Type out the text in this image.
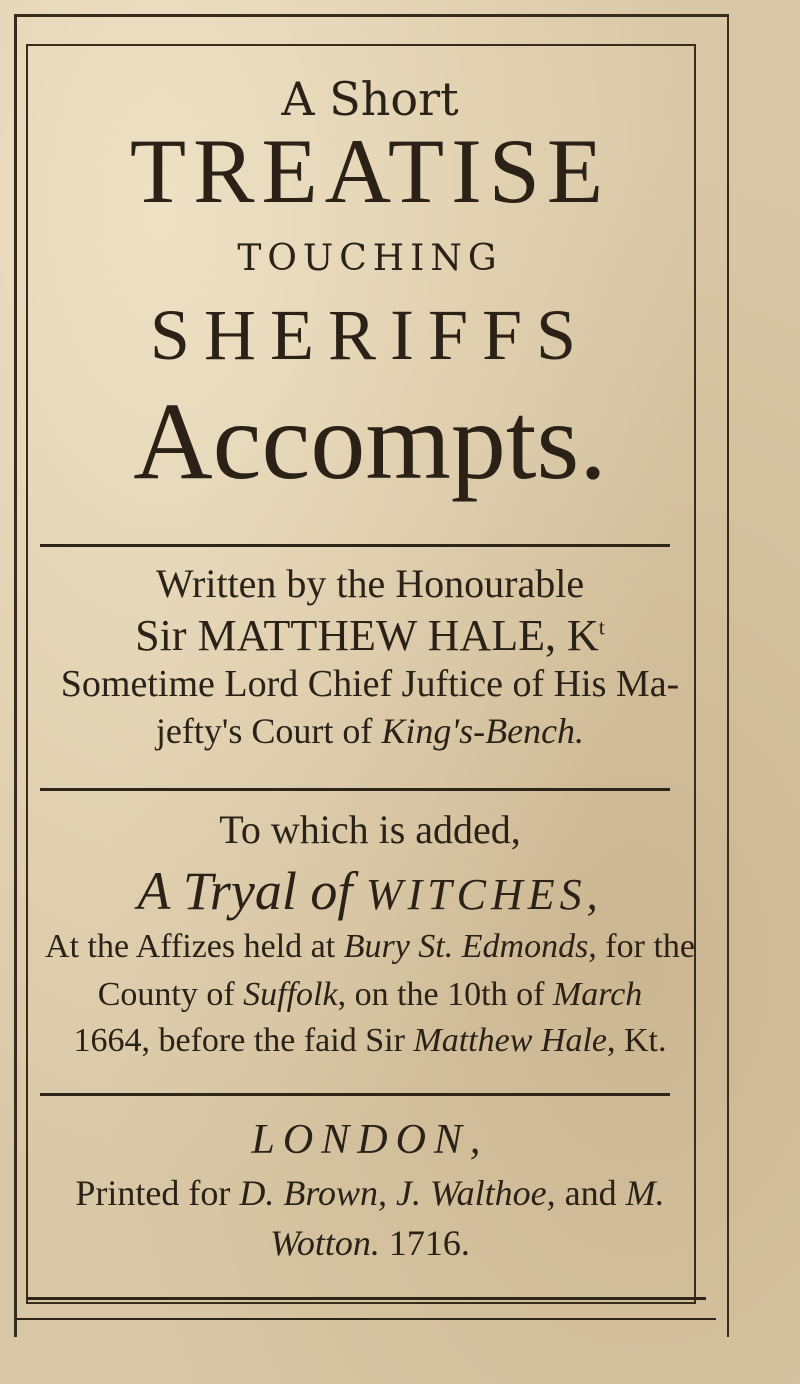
A Short
TREATISE
TOUCHING
SHERIFFS
Accompts.
Written by the Honourable
Sir MATTHEW HALE, $K^t$
Sometime Lord Chief Juftice of His Ma-
jefty's Court of King's-Bench.
To which is added,
A Tryal of WITCHES,
At the Affizes held at Bury St. Edmonds, for the
County of Suffolk, on the 10th of March
1664, before the faid Sir Matthew Hale, Kt.
LONDON,
Printed for D. Brown, J. Walthoe, and M.
Wotton. 1716.
